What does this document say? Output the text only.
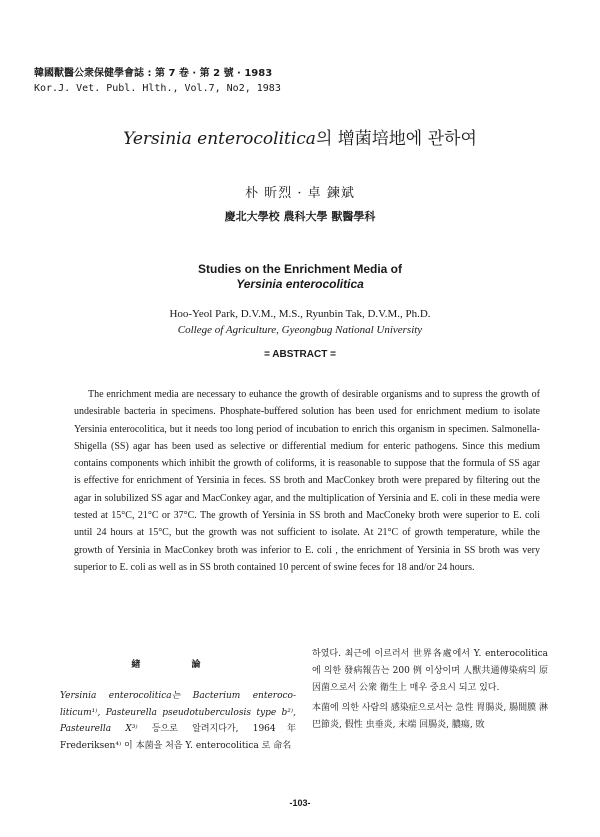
韓國獸醫公衆保健學會誌 : 第 7 卷 · 第 2 號 · 1983
Kor.J. Vet. Publ. Hlth., Vol.7, No2, 1983
Yersinia enterocolitica의 增菌培地에 관하여
朴 昕烈 · 卓 鍊斌
慶北大學校 農科大學 獸醫學科
Studies on the Enrichment Media of
Yersinia enterocolitica
Hoo-Yeol Park, D.V.M., M.S., Ryunbin Tak, D.V.M., Ph.D.
College of Agriculture, Gyeongbug National University
= ABSTRACT =
The enrichment media are necessary to euhance the growth of desirable organisms and to supress the growth of undesirable bacteria in specimens. Phosphate-buffered solution has been used for enrichment medium to isolate Yersinia enterocolitica, but it needs too long period of incubation to enrich this organism in specimen. Salmonella-Shigella (SS) agar has been used as selective or differential medium for enteric pathogens. Since this medium contains components which inhibit the growth of coliforms, it is reasonable to suppose that the formula of SS agar is effective for enrichment of Yersinia in feces. SS broth and MacConkey broth were prepared by filtering out the agar in solubilized SS agar and MacConkey agar, and the multiplication of Yersinia and E. coli in these media were tested at 15°C, 21°C or 37°C. The growth of Yersinia in SS broth and MacConeky broth were superior to E. coli until 24 hours at 15°C, but the growth was not sufficient to isolate. At 21°C of growth temperature, while the growth of Yersinia in MacConkey broth was inferior to E. coli , the enrichment of Yersinia in SS broth was very superior to E. coli as well as in SS broth contained 10 percent of swine feces for 18 and/or 24 hours.
緖 論

Yersinia enterocolitica는 Bacterium enteroco-liticum¹⁾, Pasteurella pseudotuberculosis type b²⁾, Pasteurella X³⁾ 등으로 알려지다가, 1964年 Frederiksen⁴⁾ 이 本菌을 처음 Y. enterocolitica 로 命名

하였다. 최근에 이르러서 世界各處에서 Y. enterocolitica 에 의한 發病報告는 200 例 이상이며 人獸共通傳染病의 原因菌으로서 公衆 衛生上 매우 중요시 되고 있다.

本菌에 의한 사람의 感染症으로서는 急性 胃腸炎, 腸間膜 淋巴節炎, 假性 虫垂炎, 末端 回腸炎, 膿瘍, 敗

-103-
